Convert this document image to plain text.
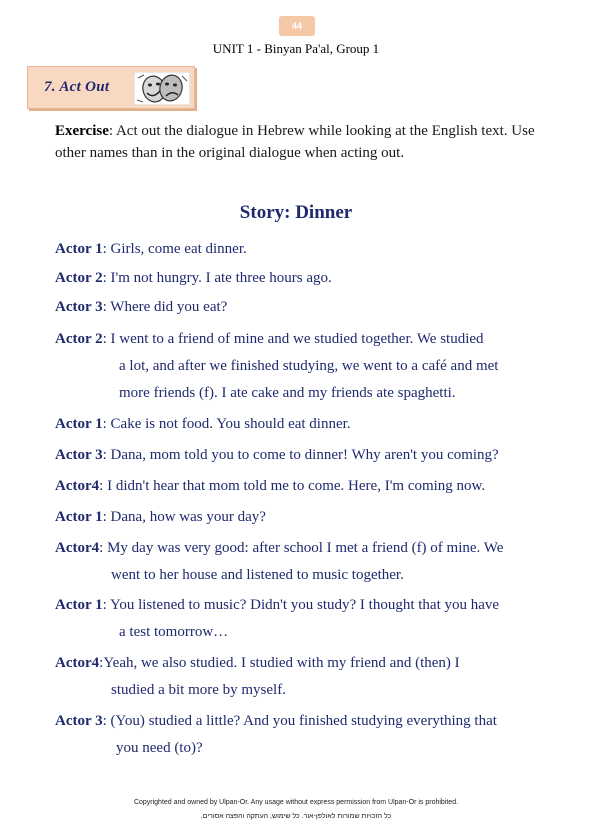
44
UNIT 1 - Binyan Pa'al, Group 1
7. Act Out
Exercise: Act out the dialogue in Hebrew while looking at the English text. Use other names than in the original dialogue when acting out.
Story: Dinner
Actor 1: Girls, come eat dinner.
Actor 2: I'm not hungry. I ate three hours ago.
Actor 3: Where did you eat?
Actor 2: I went to a friend of mine and we studied together. We studied
a lot, and after we finished studying, we went to a café and met
more friends (f). I ate cake and my friends ate spaghetti.
Actor 1: Cake is not food. You should eat dinner.
Actor 3: Dana, mom told you to come to dinner! Why aren't you coming?
Actor4: I didn't hear that mom told me to come. Here, I'm coming now.
Actor 1: Dana, how was your day?
Actor4: My day was very good: after school I met a friend (f) of mine. We
went to her house and listened to music together.
Actor 1: You listened to music? Didn't you study? I thought that you have
a test tomorrow…
Actor4:Yeah, we also studied. I studied with my friend and (then) I
studied a bit more by myself.
Actor 3: (You) studied a little? And you finished studying everything that
you need (to)?
Copyrighted and owned by Ulpan-Or. Any usage without express permission from Ulpan-Or is prohibited.
כל הזכויות שמורות לאולפן-אור. כל שימוש, העתקה והפצה אסורים.
